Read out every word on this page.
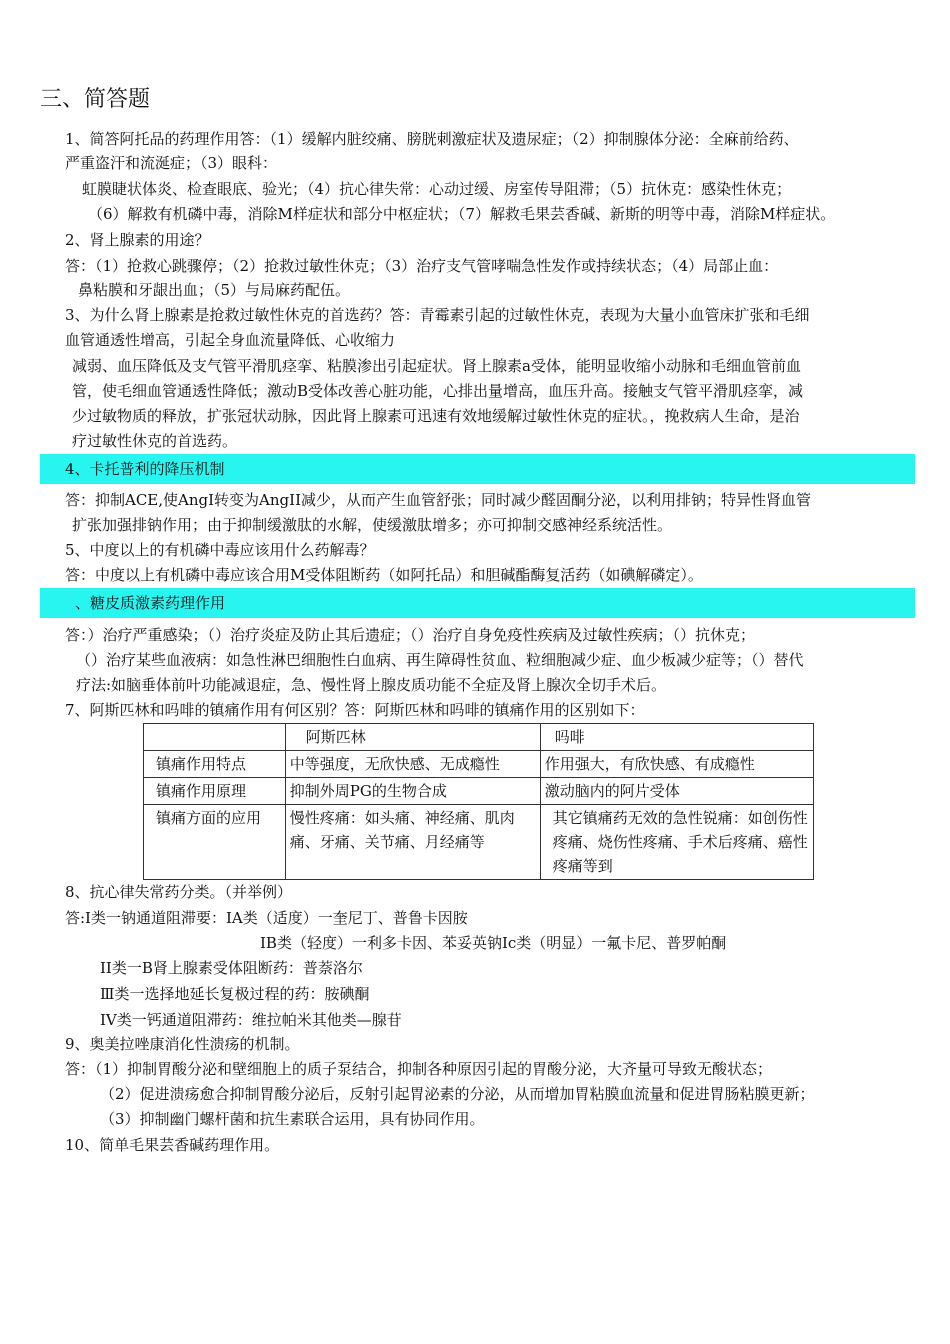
三、简答题
1、简答阿托品的药理作用答：（1）缓解内脏绞痛、膀胱刺激症状及遗尿症；（2）抑制腺体分泌：全麻前给药、
严重盗汗和流涎症；（3）眼科：
虹膜睫状体炎、检查眼底、验光；（4）抗心律失常：心动过缓、房室传导阻滞；（5）抗休克：感染性休克；
（6）解救有机磷中毒，消除M样症状和部分中枢症状；（7）解救毛果芸香碱、新斯的明等中毒，消除M样症状。
2、肾上腺素的用途？
答：（1）抢救心跳骤停；（2）抢救过敏性休克；（3）治疗支气管哮喘急性发作或持续状态；（4）局部止血：
鼻粘膜和牙龈出血；（5）与局麻药配伍。
3、为什么肾上腺素是抢救过敏性休克的首选药？答：青霉素引起的过敏性休克，表现为大量小血管床扩张和毛细
血管通透性增高，引起全身血流量降低、心收缩力
减弱、血压降低及支气管平滑肌痉挛、粘膜渗出引起症状。肾上腺素a受体，能明显收缩小动脉和毛细血管前血
管，使毛细血管通透性降低；激动B受体改善心脏功能，心排出量增高，血压升高。接触支气管平滑肌痉挛，减
少过敏物质的释放，扩张冠状动脉，因此肾上腺素可迅速有效地缓解过敏性休克的症状。，挽救病人生命，是治
疗过敏性休克的首选药。
4、卡托普利的降压机制
答：抑制ACE,使AngI转变为AngII减少，从而产生血管舒张；同时减少醛固酮分泌，以利用排钠；特异性肾血管
扩张加强排钠作用；由于抑制缓激肽的水解，使缓激肽增多；亦可抑制交感神经系统活性。
5、中度以上的有机磷中毒应该用什么药解毒？
答：中度以上有机磷中毒应该合用M受体阻断药（如阿托品）和胆碱酯酶复活药（如碘解磷定）。
、糖皮质激素药理作用
答：）治疗严重感染；（）治疗炎症及防止其后遗症；（）治疗自身免疫性疾病及过敏性疾病；（）抗休克；
（）治疗某些血液病：如急性淋巴细胞性白血病、再生障碍性贫血、粒细胞减少症、血少板减少症等；（）替代
疗法:如脑垂体前叶功能减退症，急、慢性肾上腺皮质功能不全症及肾上腺次全切手术后。
7、阿斯匹林和吗啡的镇痛作用有何区别？答：阿斯匹林和吗啡的镇痛作用的区别如下：
	阿斯匹林	吗啡
镇痛作用特点	中等强度，无欣快感、无成瘾性	作用强大，有欣快感、有成瘾性
镇痛作用原理	抑制外周PG的生物合成	激动脑内的阿片受体
镇痛方面的应用	慢性疼痛：如头痛、神经痛、肌肉痛、牙痛、关节痛、月经痛等	其它镇痛药无效的急性锐痛：如创伤性疼痛、烧伤性疼痛、手术后疼痛、癌性疼痛等到
8、抗心律失常药分类。（并举例）
答:I类一钠通道阻滞要：IA类（适度）一奎尼丁、普鲁卡因胺
IB类（轻度）一利多卡因、苯妥英钠Ic类（明显）一氟卡尼、普罗帕酮
II类一B肾上腺素受体阻断药：普萘洛尔
Ⅲ类一选择地延长复极过程的药：胺碘酮
IV类一钙通道阻滞药：维拉帕米其他类—腺苷
9、奥美拉唑康消化性溃疡的机制。
答：（1）抑制胃酸分泌和壁细胞上的质子泵结合，抑制各种原因引起的胃酸分泌，大齐量可导致无酸状态；
（2）促进溃疡愈合抑制胃酸分泌后，反射引起胃泌素的分泌，从而增加胃粘膜血流量和促进胃肠粘膜更新；
（3）抑制幽门螺杆菌和抗生素联合运用，具有协同作用。
10、简单毛果芸香碱药理作用。
